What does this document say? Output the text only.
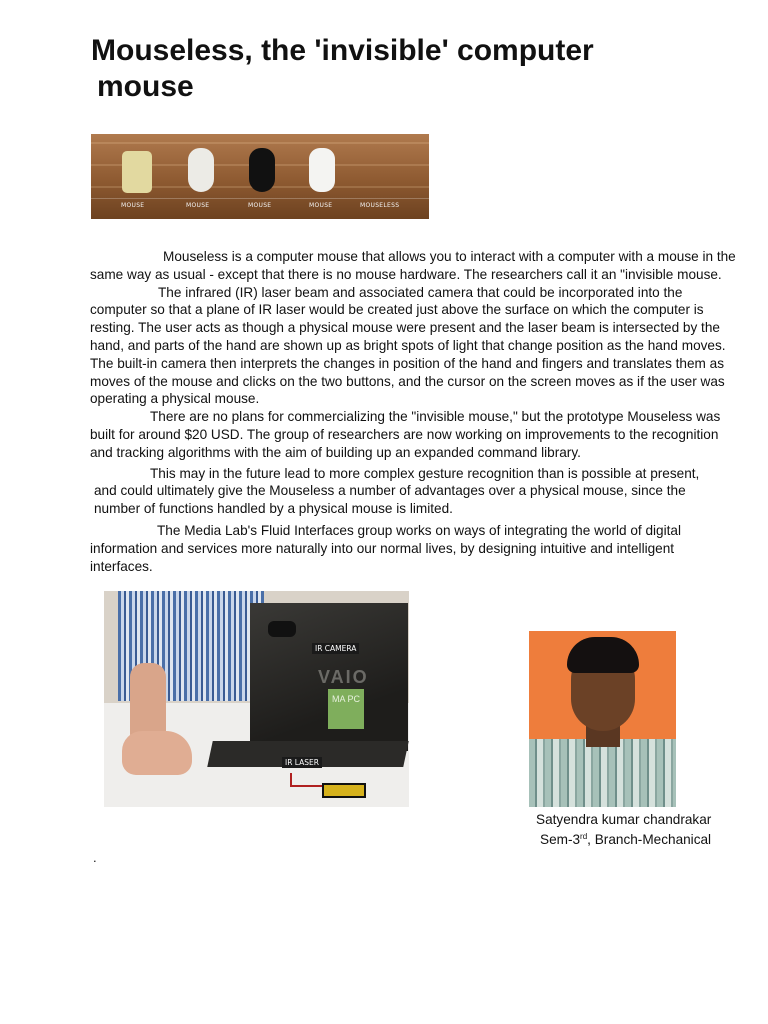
Mouseless, the 'invisible' computer
mouse
MOUSE	MOUSE	MOUSE	MOUSE	MOUSELESS

Mouseless is a computer mouse that allows you to interact with a computer with a mouse in the same way as usual - except that there is no mouse hardware. The researchers call it an "invisible mouse.

The infrared (IR) laser beam and associated camera that could be incorporated into the computer so that a plane of IR laser would be created just above the surface on which the computer is resting. The user acts as though a physical mouse were present and the laser beam is intersected by the hand, and parts of the hand are shown up as bright spots of light that change position as the hand moves. The built-in camera then interprets the changes in position of the hand and fingers and translates them as moves of the mouse and clicks on the two buttons, and the cursor on the screen moves as if the user was operating a physical mouse.

There are no plans for commercializing the "invisible mouse," but the prototype Mouseless was built for around $20 USD. The group of researchers are now working on improvements to the recognition and tracking algorithms with the aim of building up an expanded command library.

This may in the future lead to more complex gesture recognition than is possible at present,
and could ultimately give the Mouseless a number of advantages over a physical mouse, since the
number of functions handled by a physical mouse is limited.

The Media Lab's Fluid Interfaces group works on ways of integrating the world of digital information and services more naturally into our normal lives, by designing intuitive and intelligent interfaces.

VAIO
MA PC
IR CAMERA
IR LASER
Satyendra kumar chandrakar
Sem-3rd, Branch-Mechanical
.
